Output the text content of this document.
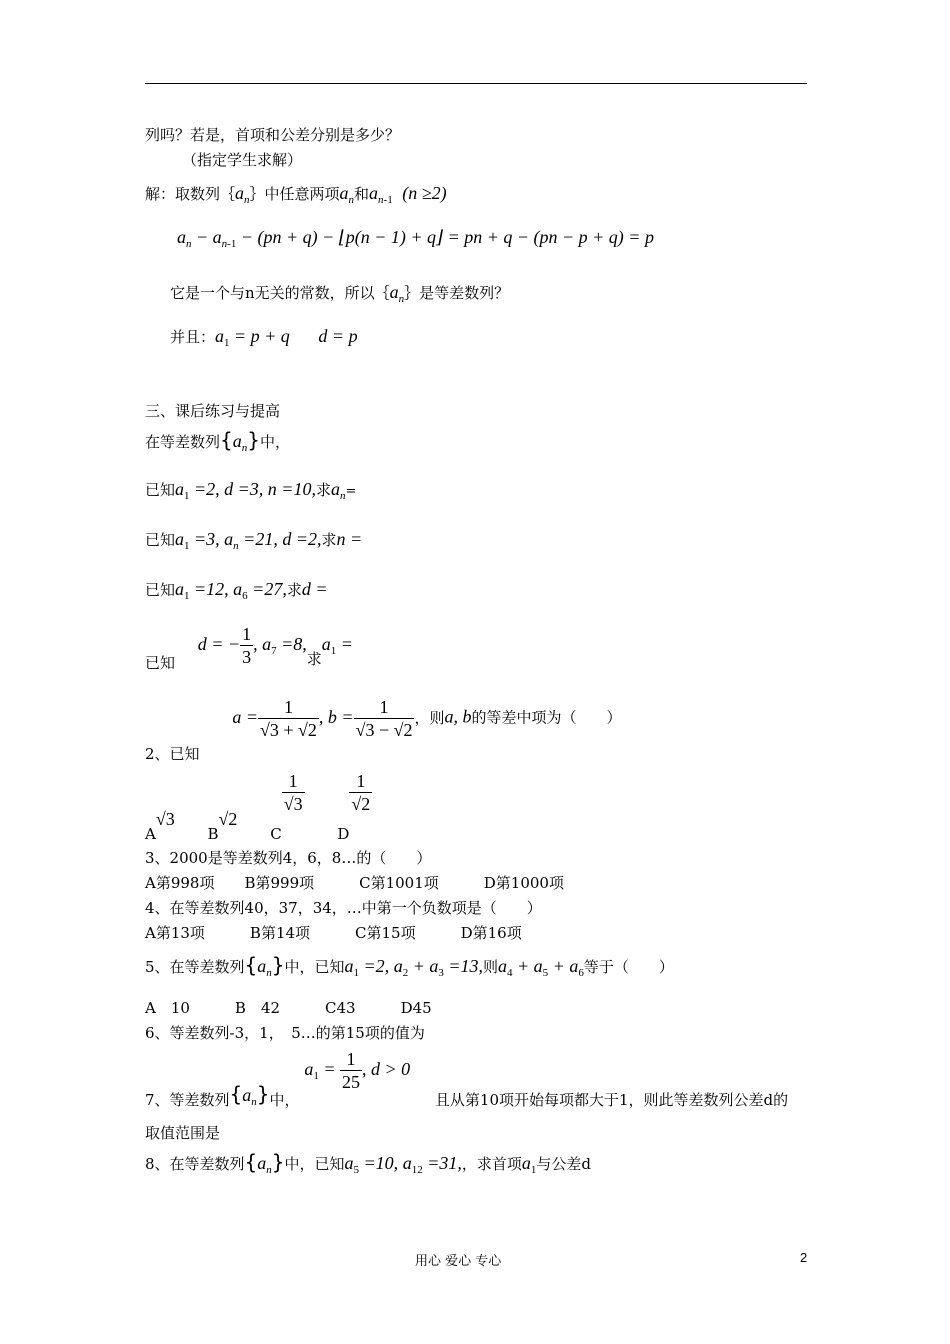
列吗？若是，首项和公差分别是多少？
（指定学生求解）
解：取数列$\{a_n\}$中任意两项$a_n$和$a_{n-1}$ (n ≥2)
$a_n - a_{n-1} - (pn + q)$ − ⌊p(n − 1) + q⌋ = pn + q − (pn − p + q) = p
它是一个与n无关的常数，所以$\{a_n\}$是等差数列？
并且：$a_1 = p + q$ d = p
三、课后练习与提高
在等差数列$\{a_n\}$中，
已知$a_1 =2$, d =3, n =10,求$a_n=$
已知$a_1 =3$, $a_n =21$, d =2,求n =
已知$a_1 =12$, $a_6 =27$,求d =
已知 d = − $\frac{1}{3}$ , $a_7 =8$,求$a_1$ =
2、已知 $a = \frac{1}{√3 + √2}$ , $b = \frac{1}{√3 - √2}$ ，则a, b的等差中项为（　　）
A√3 B√2 C
$\frac{1}{√3}$
D
$\frac{1}{√2}$
3、2000是等差数列4，6，8…的（　　）
A第998项　　B第999项　　　C第1001项　　　D第1000项
4、在等差数列40，37，34，…中第一个负数项是（　　）
A第13项　　　B第14项　　　C第15项　　　D第16项
5、在等差数列$\{a_n\}$中，已知$a_1 =2$, $a_2 + a_3 =13$,则$a_4 + a_5 + a_6$等于（　　）
A　10　　　B　42　　　C43　　　D45
6、等差数列-3，1，　5…的第15项的值为
7、等差数列$\{a_n\}$中， $a_1 = \frac{1}{25}$ , d > 0 且从第10项开始每项都大于1，则此等差数列公差d的
取值范围是
8、在等差数列$\{a_n\}$中，已知$a_5 =10$, $a_{12} =31$,，求首项$a_1$与公差d
用心 爱心 专心	2
